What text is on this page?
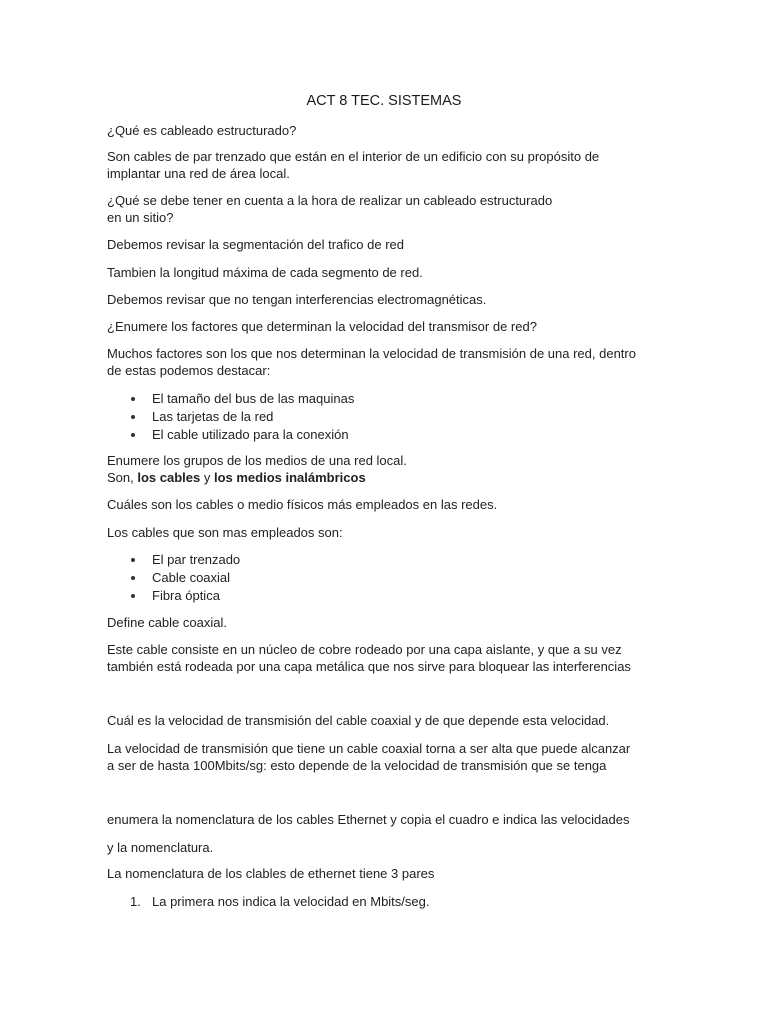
ACT 8 TEC. SISTEMAS

¿Qué es cableado estructurado?

Son cables de par trenzado que están en el interior de un edificio con su propósito de
implantar una red de área local.

¿Qué se debe tener en cuenta a la hora de realizar un cableado estructurado
en un sitio?

Debemos revisar la segmentación del trafico de red

Tambien la longitud máxima de cada segmento de red.

Debemos revisar que no tengan interferencias electromagnéticas.

¿Enumere los factores que determinan la velocidad del transmisor de red?

Muchos factores son los que nos determinan la velocidad de transmisión de una red, dentro
de estas podemos destacar:

El tamaño del bus de las maquinas
Las tarjetas de la red
El cable utilizado para la conexión

Enumere los grupos de los medios de una red local.
Son, los cables y los medios inalámbricos

Cuáles son los cables o medio físicos más empleados en las redes.

Los cables que son mas empleados son:

El par trenzado
Cable coaxial
Fibra óptica

Define cable coaxial.

Este cable consiste en un núcleo de cobre rodeado por una capa aislante, y que a su vez
también está rodeada por una capa metálica que nos sirve para bloquear las interferencias

Cuál es la velocidad de transmisión del cable coaxial y de que depende esta velocidad.

La velocidad de transmisión que tiene un cable coaxial torna a ser alta que puede alcanzar
a ser de hasta 100Mbits/sg: esto depende de la velocidad de transmisión que se tenga

enumera la nomenclatura de los cables Ethernet y copia el cuadro e indica las velocidades

y la nomenclatura.

La nomenclatura de los clables de ethernet tiene 3 pares

1. La primera nos indica la velocidad en Mbits/seg.
